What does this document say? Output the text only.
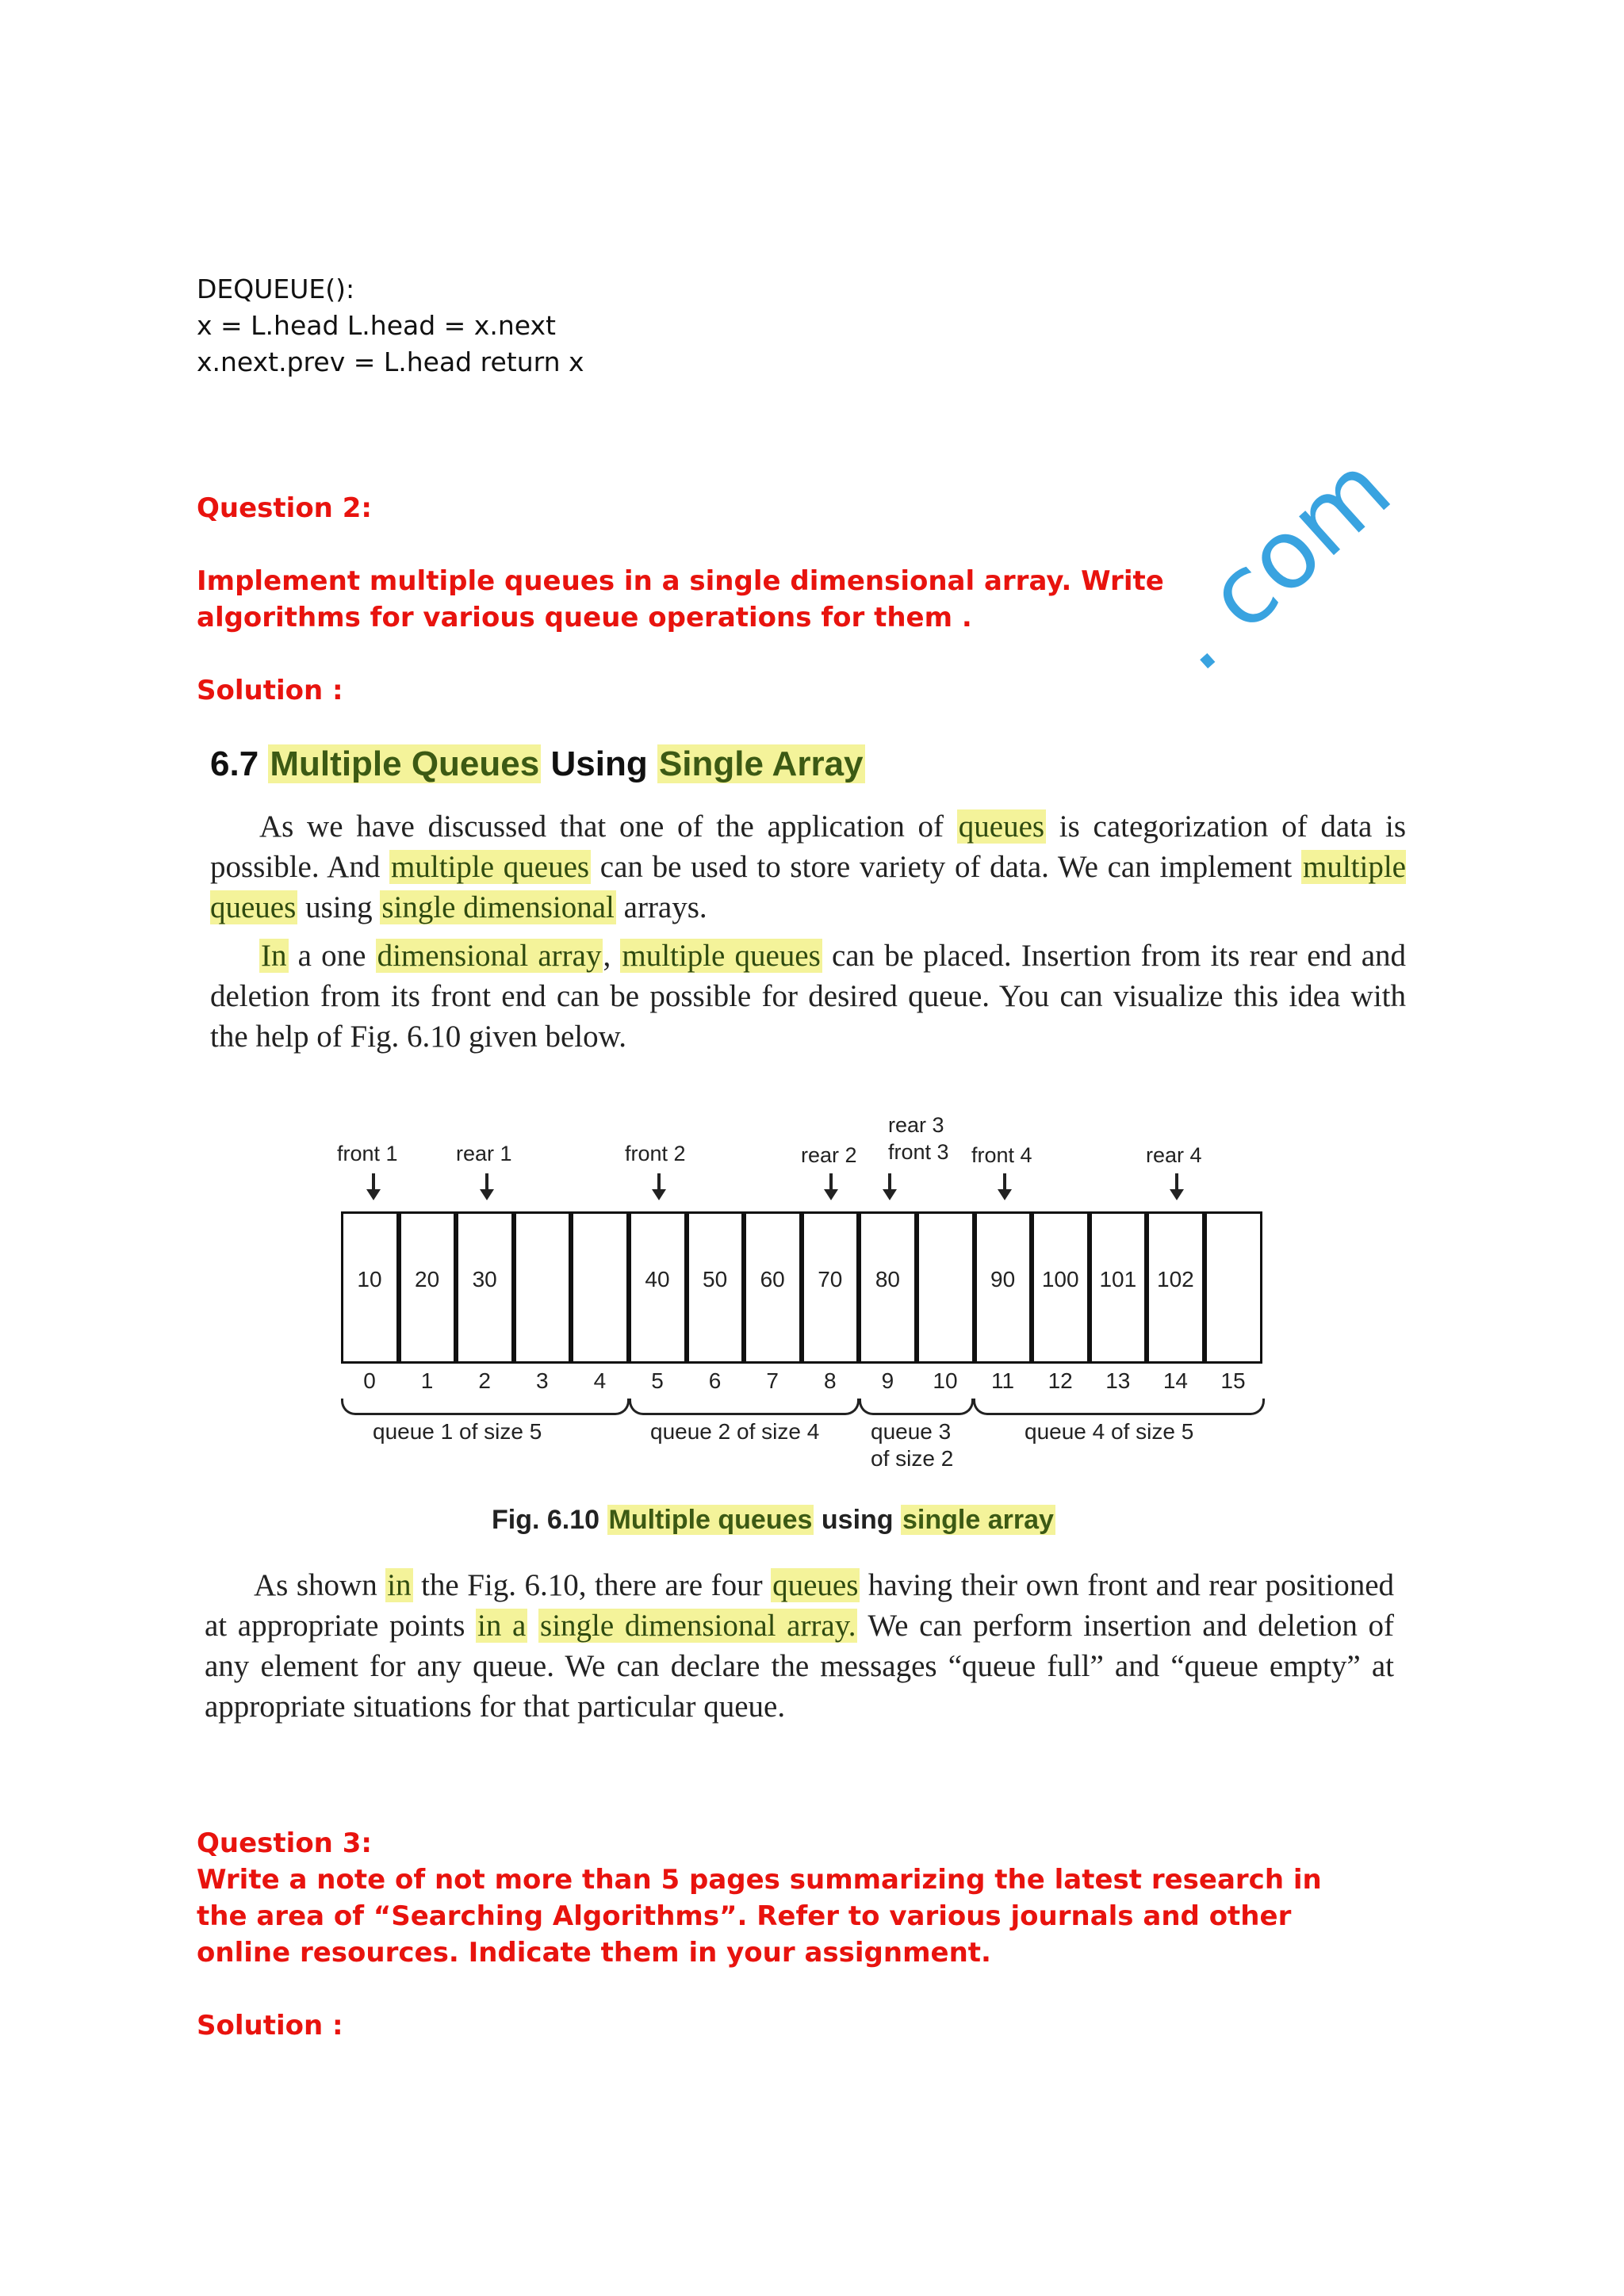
DEQUEUE():
x = L.head L.head = x.next
x.next.prev = L.head return x
Question 2:
Implement multiple queues in a single dimensional array. Write algorithms for various queue operations for them .
Solution :	. com
6.7 Multiple Queues Using Single Array
As we have discussed that one of the application of queues is categorization of data is possible. And multiple queues can be used to store variety of data. We can implement multiple queues using single dimensional arrays.
In a one dimensional array, multiple queues can be placed. Insertion from its rear end and deletion from its front end can be possible for desired queue. You can visualize this idea with the help of Fig. 6.10 given below.
front 1	rear 1	front 2	rear 2
rear 3
front 3 front 4	rear 4
10	20	30	40	50	60	70	80	90	100 101 102
0	1	2	3	4	5	6	7	8	9	10	11	12	13	14	15
queue 1 of size 5	queue 2 of size 4 queue 3
of size 2
queue 4 of size 5
Fig. 6.10 Multiple queues using single array
As shown in the Fig. 6.10, there are four queues having their own front and rear positioned at appropriate points in a single dimensional array. We can perform insertion and deletion of any element for any queue. We can declare the messages “queue full” and “queue empty” at appropriate situations for that particular queue.
Question 3:
Write a note of not more than 5 pages summarizing the latest research in the area of “Searching Algorithms”. Refer to various journals and other online resources. Indicate them in your assignment.
Solution :
